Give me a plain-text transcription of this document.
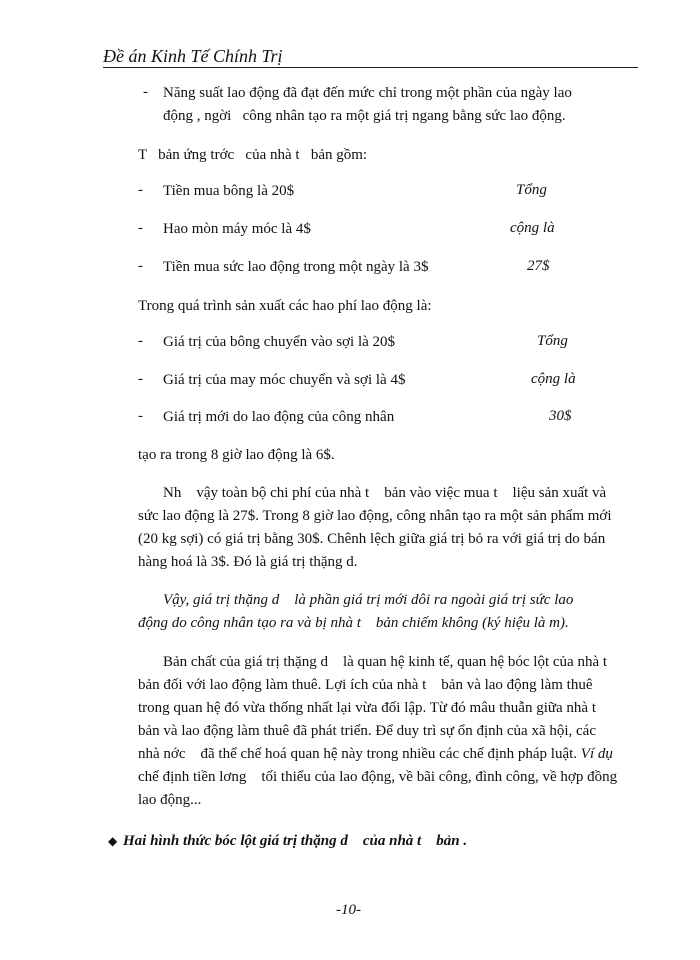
Đề án Kinh Tế Chính Trị
- Năng suất lao động đã đạt đến mức chỉ trong một phần của ngày lao
động , ngời   công nhân tạo ra một giá trị ngang bằng sức lao động.
T   bản ứng trớc   của nhà t   bản gồm:
- Tiền mua bông là 20$	Tổng
- Hao mòn máy móc là 4$	cộng là
- Tiền mua sức lao động trong một ngày là 3$	27$
Trong quá trình sản xuất các hao phí lao động là:
- Giá trị của bông chuyển vào sợi là 20$	Tổng
- Giá trị của may móc chuyển và sợi là 4$	cộng là
- Giá trị mới do lao động của công nhân	30$
tạo ra trong 8 giờ lao động là 6$.
Nh    vậy toàn bộ chi phí của nhà t    bản vào việc mua t    liệu sản xuất và
sức lao động là 27$. Trong 8 giờ lao động, công nhân tạo ra một sản phẩm mới
(20 kg sợi) có giá trị bằng 30$. Chênh lệch giữa giá trị bỏ ra với giá trị do bán
hàng hoá là 3$. Đó là giá trị thặng d.
Vậy, giá trị thặng d    là phần giá trị mới dôi ra ngoài giá trị sức lao
động do công nhân tạo ra và bị nhà t    bản chiếm không (ký hiệu là m).
Bản chất của giá trị thặng d    là quan hệ kinh tế, quan hệ bóc lột của nhà t
bản đối với lao động làm thuê. Lợi ích của nhà t    bản và lao động làm thuê
trong quan hệ đó vừa thống nhất lại vừa đối lập. Từ đó mâu thuẫn giữa nhà t
bản và lao động làm thuê đã phát triển. Để duy trì sự ổn định của xã hội, các
nhà nớc    đã thể chế hoá quan hệ này trong nhiều các chế định pháp luật. Ví dụ
chế định tiền lơng    tối thiểu của lao động, về bãi công, đình công, về hợp đồng
lao động...
◆ Hai hình thức bóc lột giá trị thặng d    của nhà t    bản .
-10-
